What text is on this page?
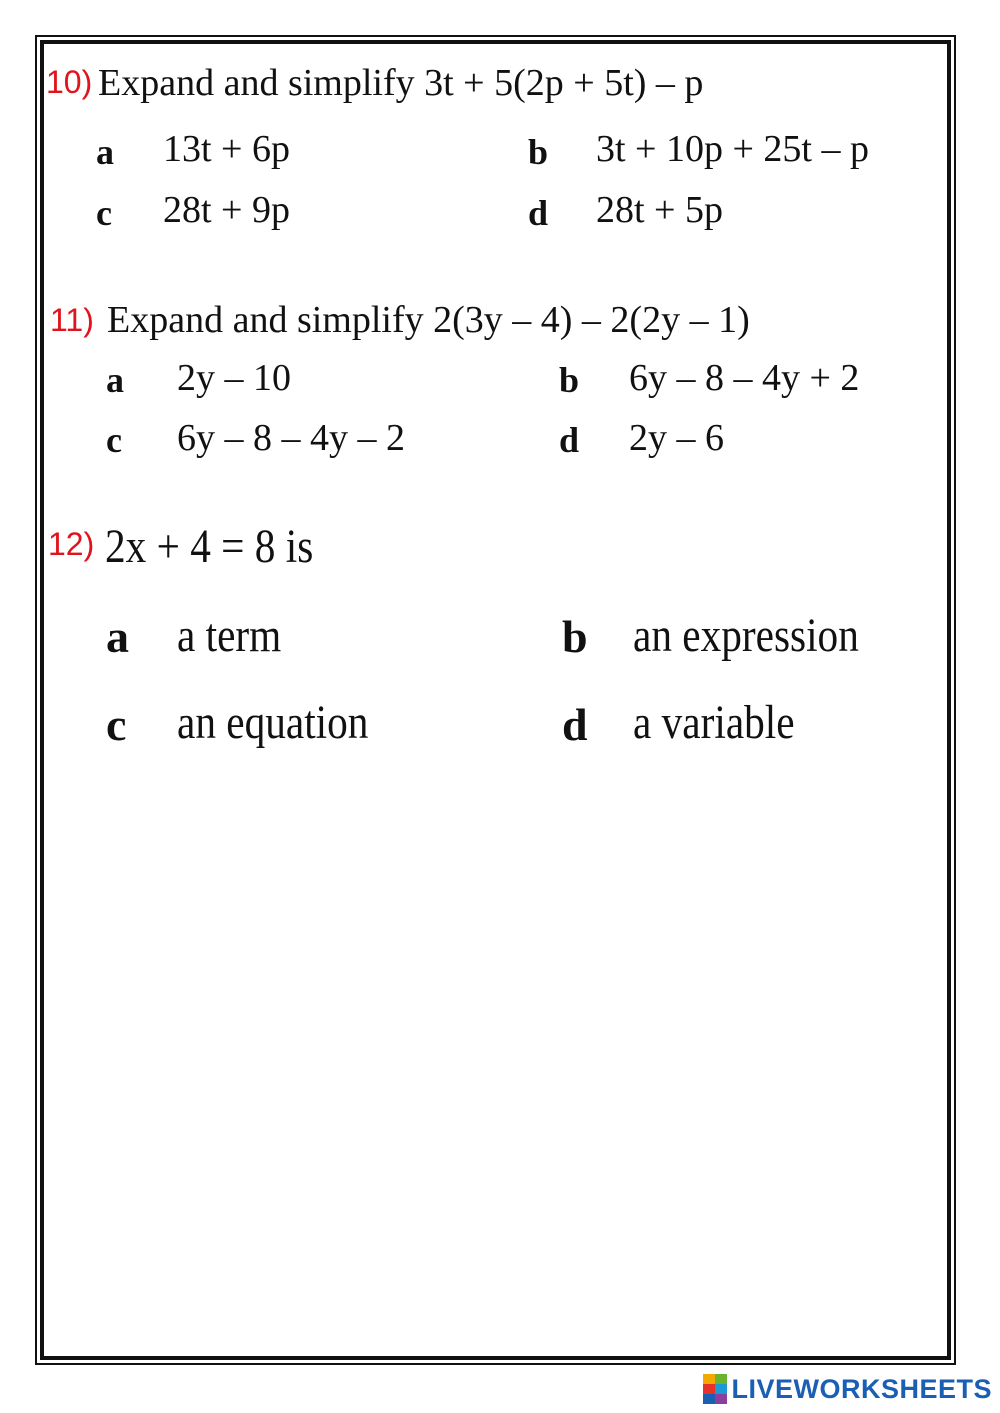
10) Expand and simplify 3t + 5(2p + 5t) – p
a 13t + 6p	b 3t + 10p + 25t – p
c 28t + 9p	d 28t + 5p
11) Expand and simplify 2(3y – 4) – 2(2y – 1)
a 2y – 10	b 6y – 8 – 4y + 2
c 6y – 8 – 4y – 2	d 2y – 6
12) 2x + 4 = 8 is
a a term	b an expression
c an equation	d a variable
LIVEWORKSHEETS
